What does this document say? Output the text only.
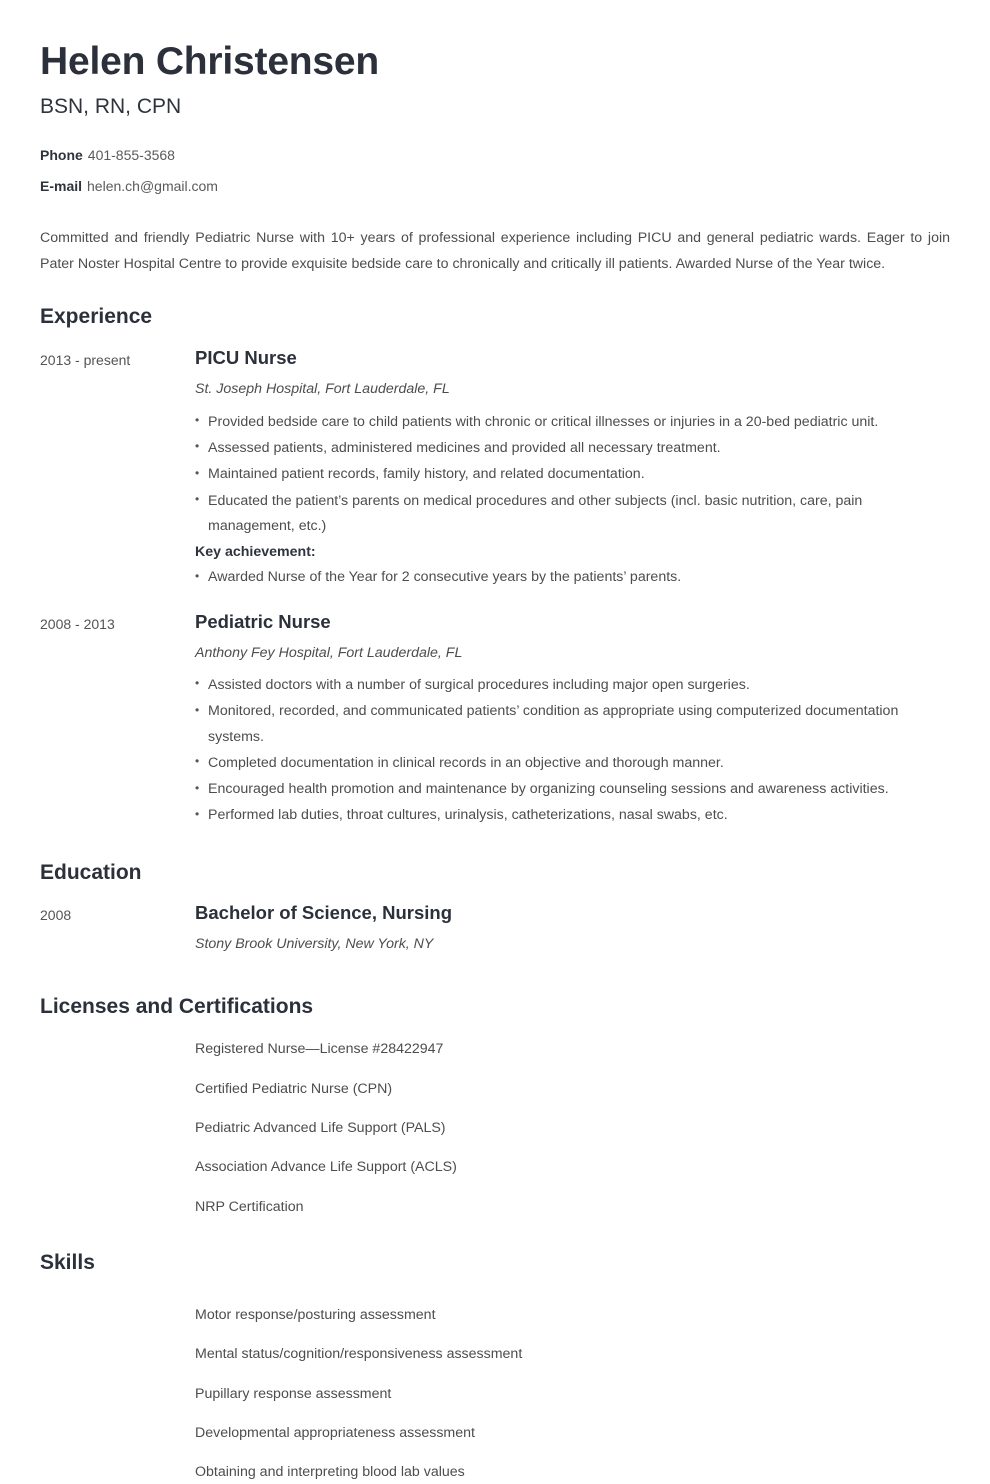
Helen Christensen
BSN, RN, CPN
Phone 401-855-3568
E-mail helen.ch@gmail.com

Committed and friendly Pediatric Nurse with 10+ years of professional experience including PICU and general pediatric wards. Eager to join Pater Noster Hospital Centre to provide exquisite bedside care to chronically and critically ill patients. Awarded Nurse of the Year twice.

Experience
2013 - present	PICU Nurse
St. Joseph Hospital, Fort Lauderdale, FL
• Provided bedside care to child patients with chronic or critical illnesses or injuries in a 20-bed pediatric unit.
• Assessed patients, administered medicines and provided all necessary treatment.
• Maintained patient records, family history, and related documentation.
• Educated the patient’s parents on medical procedures and other subjects (incl. basic nutrition, care, pain management, etc.)
Key achievement:
• Awarded Nurse of the Year for 2 consecutive years by the patients’ parents.
2008 - 2013	Pediatric Nurse
Anthony Fey Hospital, Fort Lauderdale, FL
• Assisted doctors with a number of surgical procedures including major open surgeries.
• Monitored, recorded, and communicated patients’ condition as appropriate using computerized documentation systems.
• Completed documentation in clinical records in an objective and thorough manner.
• Encouraged health promotion and maintenance by organizing counseling sessions and awareness activities.
• Performed lab duties, throat cultures, urinalysis, catheterizations, nasal swabs, etc.
Education
2008	Bachelor of Science, Nursing
Stony Brook University, New York, NY
Licenses and Certifications
Registered Nurse—License #28422947
Certified Pediatric Nurse (CPN)
Pediatric Advanced Life Support (PALS)
Association Advance Life Support (ACLS)
NRP Certification
Skills
Motor response/posturing assessment
Mental status/cognition/responsiveness assessment
Pupillary response assessment
Developmental appropriateness assessment
Obtaining and interpreting blood lab values
